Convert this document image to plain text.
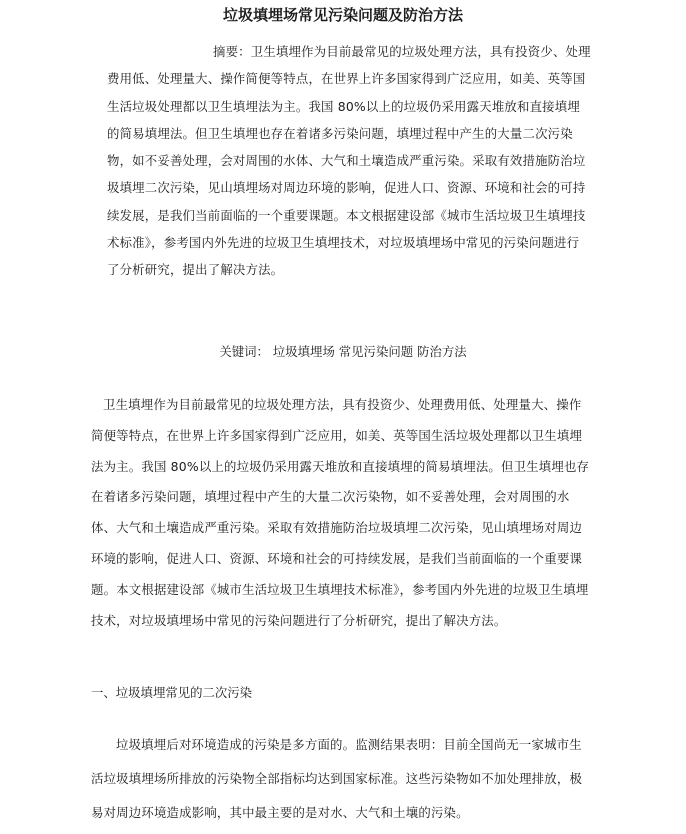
垃圾填埋场常见污染问题及防治方法
摘要：卫生填埋作为目前最常见的垃圾处理方法，具有投资少、处理费用低、处理量大、操作简便等特点，在世界上许多国家得到广泛应用，如美、英等国生活垃圾处理都以卫生填埋法为主。我国 80%以上的垃圾仍采用露天堆放和直接填埋的简易填埋法。但卫生填埋也存在着诸多污染问题，填埋过程中产生的大量二次污染物，如不妥善处理，会对周围的水体、大气和土壤造成严重污染。采取有效措施防治垃圾填埋二次污染，见山填埋场对周边环境的影响，促进人口、资源、环境和社会的可持续发展，是我们当前面临的一个重要课题。本文根据建设部《城市生活垃圾卫生填埋技术标准》，参考国内外先进的垃圾卫生填埋技术，对垃圾填埋场中常见的污染问题进行了分析研究，提出了解决方法。
关键词： 垃圾填埋场 常见污染问题 防治方法
卫生填埋作为目前最常见的垃圾处理方法，具有投资少、处理费用低、处理量大、操作简便等特点，在世界上许多国家得到广泛应用，如美、英等国生活垃圾处理都以卫生填埋法为主。我国 80%以上的垃圾仍采用露天堆放和直接填埋的简易填埋法。但卫生填埋也存在着诸多污染问题，填埋过程中产生的大量二次污染物，如不妥善处理，会对周围的水体、大气和土壤造成严重污染。采取有效措施防治垃圾填埋二次污染，见山填埋场对周边环境的影响，促进人口、资源、环境和社会的可持续发展，是我们当前面临的一个重要课题。本文根据建设部《城市生活垃圾卫生填埋技术标准》，参考国内外先进的垃圾卫生填埋技术，对垃圾填埋场中常见的污染问题进行了分析研究，提出了解决方法。
一、垃圾填埋常见的二次污染
垃圾填埋后对环境造成的污染是多方面的。监测结果表明：目前全国尚无一家城市生活垃圾填埋场所排放的污染物全部指标均达到国家标准。这些污染物如不加处理排放，极易对周边环境造成影响，其中最主要的是对水、大气和土壤的污染。
